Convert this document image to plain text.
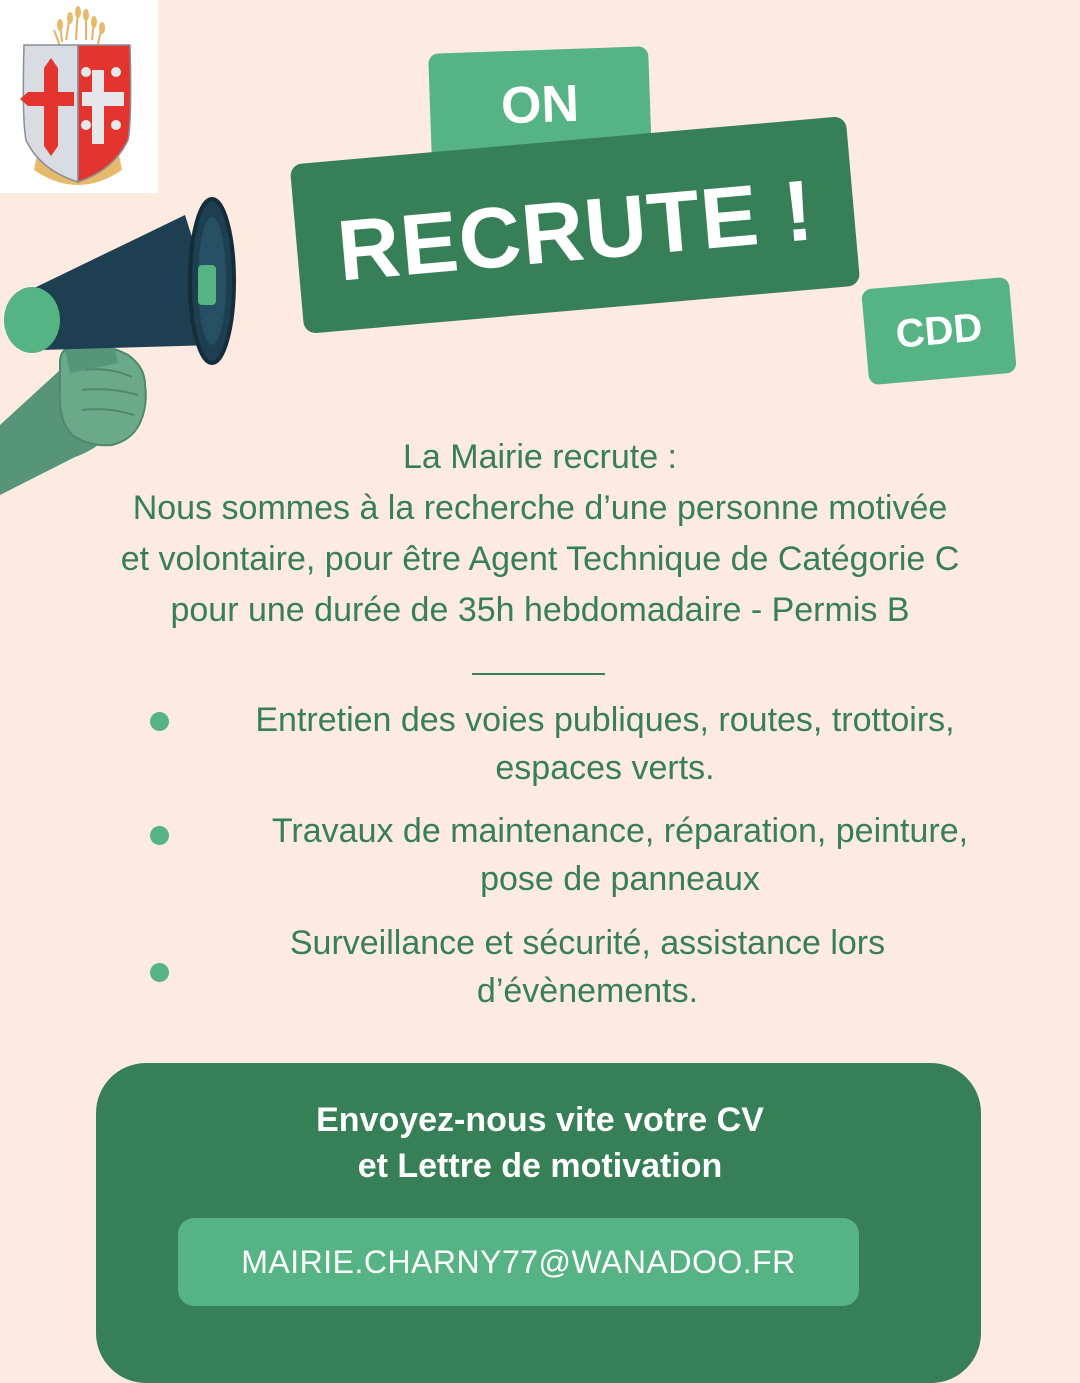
ON
RECRUTE !
CDD
La Mairie recrute :
Nous sommes à la recherche d’une personne motivée
et volontaire, pour être Agent Technique de Catégorie C
pour une durée de 35h hebdomadaire - Permis B
Entretien des voies publiques, routes, trottoirs,
espaces verts.
Travaux de maintenance, réparation, peinture,
pose de panneaux
Surveillance et sécurité, assistance lors
d’évènements.
Envoyez-nous vite votre CV
et Lettre de motivation
MAIRIE.CHARNY77@WANADOO.FR
